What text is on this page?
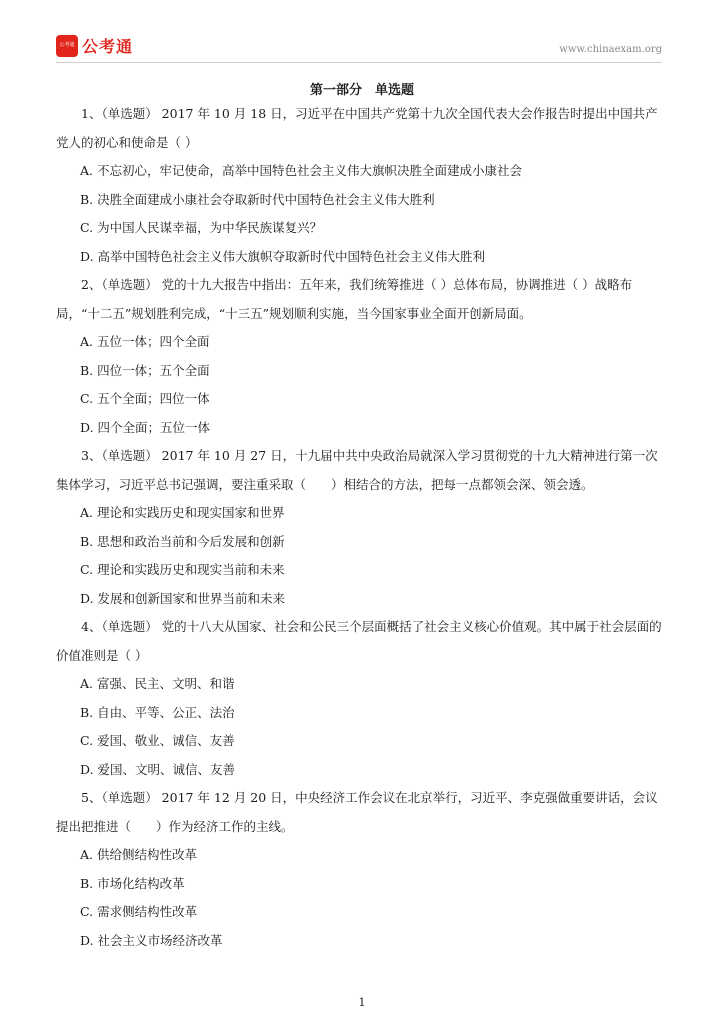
公考通 公考通	www.chinaexam.org
第一部分　单选题

1、（单选题） 2017 年 10 月 18 日，习近平在中国共产党第十九次全国代表大会作报告时提出中国共产党人的初心和使命是（ ）

A. 不忘初心，牢记使命，高举中国特色社会主义伟大旗帜决胜全面建成小康社会
B. 决胜全面建成小康社会夺取新时代中国特色社会主义伟大胜利
C. 为中国人民谋幸福，为中华民族谋复兴？
D. 高举中国特色社会主义伟大旗帜夺取新时代中国特色社会主义伟大胜利

2、（单选题） 党的十九大报告中指出：五年来，我们统筹推进（ ）总体布局，协调推进（ ）战略布局，“十二五”规划胜利完成，“十三五”规划顺利实施，当今国家事业全面开创新局面。

A. 五位一体；四个全面
B. 四位一体；五个全面
C. 五个全面；四位一体
D. 四个全面；五位一体

3、（单选题） 2017 年 10 月 27 日，十九届中共中央政治局就深入学习贯彻党的十九大精神进行第一次集体学习，习近平总书记强调，要注重采取（　　）相结合的方法，把每一点都领会深、领会透。

A. 理论和实践历史和现实国家和世界
B. 思想和政治当前和今后发展和创新
C. 理论和实践历史和现实当前和未来
D. 发展和创新国家和世界当前和未来

4、（单选题） 党的十八大从国家、社会和公民三个层面概括了社会主义核心价值观。其中属于社会层面的价值准则是（ ）

A. 富强、民主、文明、和谐
B. 自由、平等、公正、法治
C. 爱国、敬业、诚信、友善
D. 爱国、文明、诚信、友善

5、（单选题） 2017 年 12 月 20 日，中央经济工作会议在北京举行，习近平、李克强做重要讲话，会议提出把推进（　　）作为经济工作的主线。

A. 供给侧结构性改革
B. 市场化结构改革
C. 需求侧结构性改革
D. 社会主义市场经济改革
1
